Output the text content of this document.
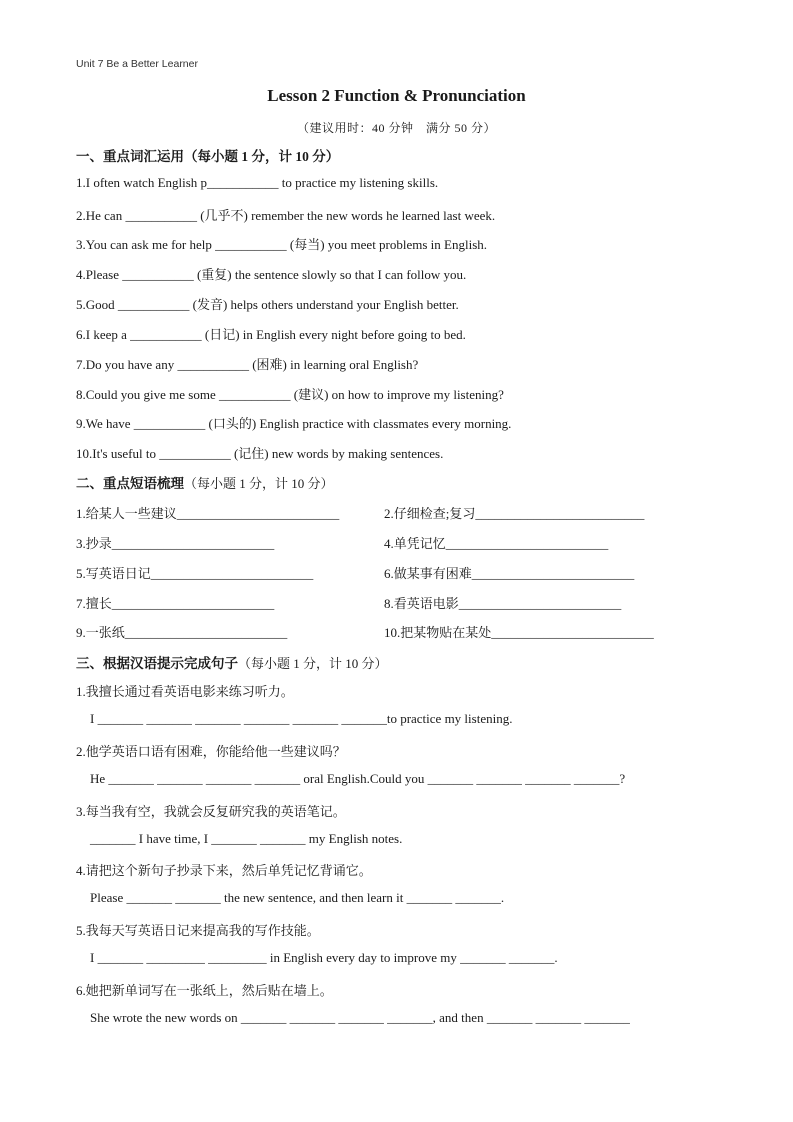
Unit 7 Be a Better Learner
Lesson 2 Function & Pronunciation
（建议用时：40 分钟　满分 50 分）
一、重点词汇运用（每小题 1 分，计 10 分）
1.I often watch English p___________ to practice my listening skills.
2.He can ___________ (几乎不) remember the new words he learned last week.
3.You can ask me for help ___________ (每当) you meet problems in English.
4.Please ___________ (重复) the sentence slowly so that I can follow you.
5.Good ___________ (发音) helps others understand your English better.
6.I keep a ___________ (日记) in English every night before going to bed.
7.Do you have any ___________ (困难) in learning oral English?
8.Could you give me some ___________ (建议) on how to improve my listening?
9.We have ___________ (口头的) English practice with classmates every morning.
10.It's useful to ___________ (记住) new words by making sentences.
二、重点短语梳理（每小题 1 分，计 10 分）
1.给某人一些建议_________________________	2.仔细检查;复习__________________________
3.抄录_________________________	4.单凭记忆_________________________
5.写英语日记_________________________	6.做某事有困难_________________________
7.擅长_________________________	8.看英语电影_________________________
9.一张纸_________________________	10.把某物贴在某处_________________________
三、根据汉语提示完成句子（每小题 1 分，计 10 分）
1.我擅长通过看英语电影来练习听力。
I _______ _______ _______ _______ _______ _______to practice my listening.
2.他学英语口语有困难，你能给他一些建议吗？
He _______ _______ _______ _______ oral English.Could you _______ _______ _______ _______?
3.每当我有空，我就会反复研究我的英语笔记。
_______ I have time, I _______ _______ my English notes.
4.请把这个新句子抄录下来，然后单凭记忆背诵它。
Please _______ _______ the new sentence, and then learn it _______ _______.
5.我每天写英语日记来提高我的写作技能。
I _______ _________ _________ in English every day to improve my _______ _______.
6.她把新单词写在一张纸上，然后贴在墙上。
She wrote the new words on _______ _______ _______ _______, and then _______ _______ _______
